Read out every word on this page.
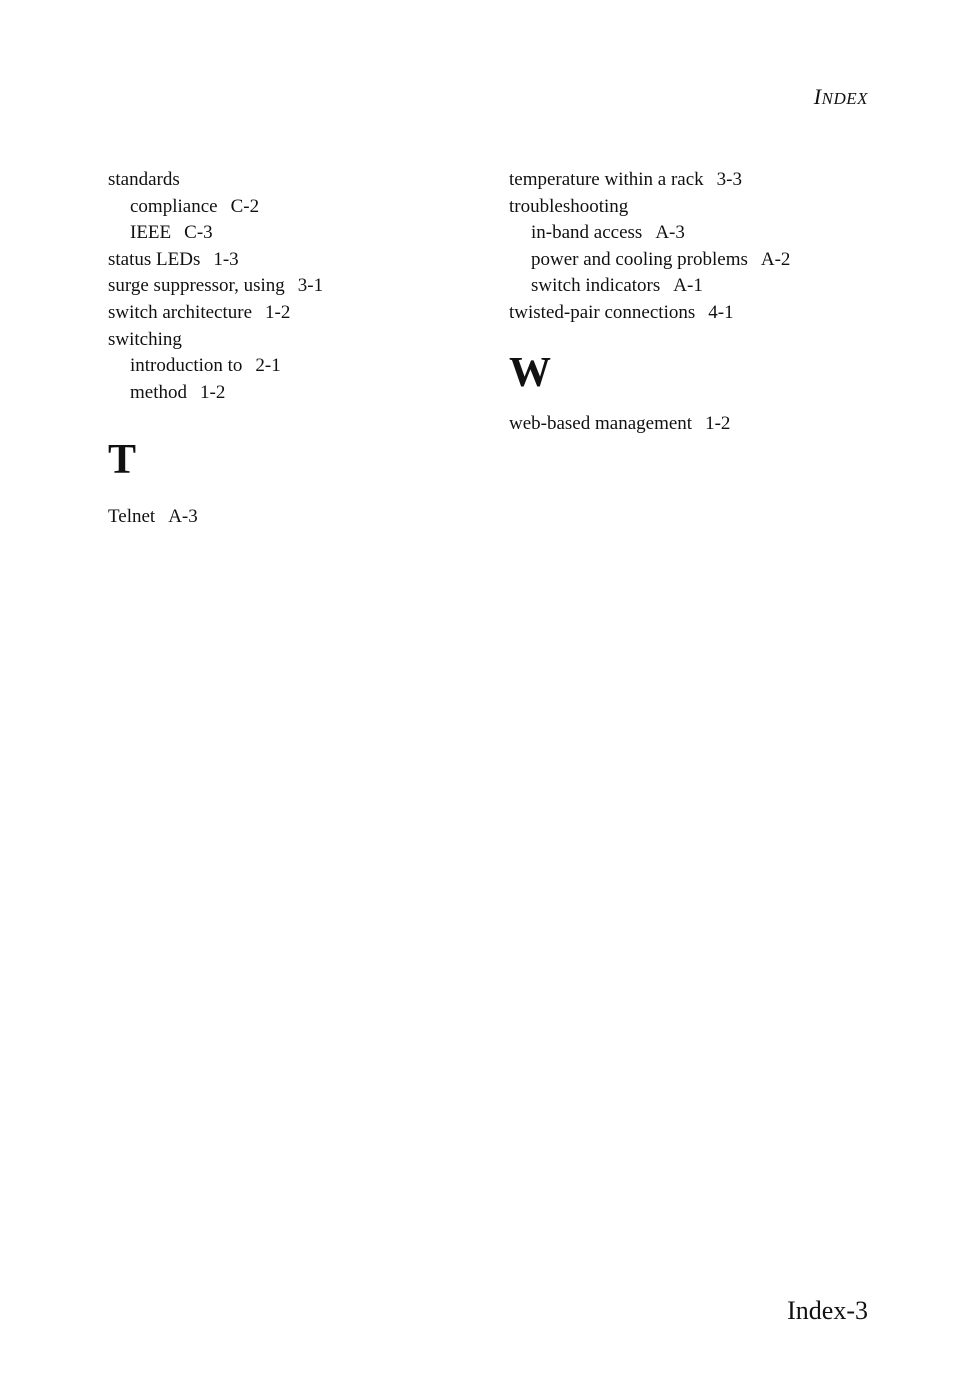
INDEX
standards
compliance C-2
IEEE C-3
status LEDs 1-3
surge suppressor, using 3-1
switch architecture 1-2
switching
introduction to 2-1
method 1-2
T
Telnet A-3
temperature within a rack 3-3
troubleshooting
in-band access A-3
power and cooling problems A-2
switch indicators A-1
twisted-pair connections 4-1
W
web-based management 1-2
Index-3
